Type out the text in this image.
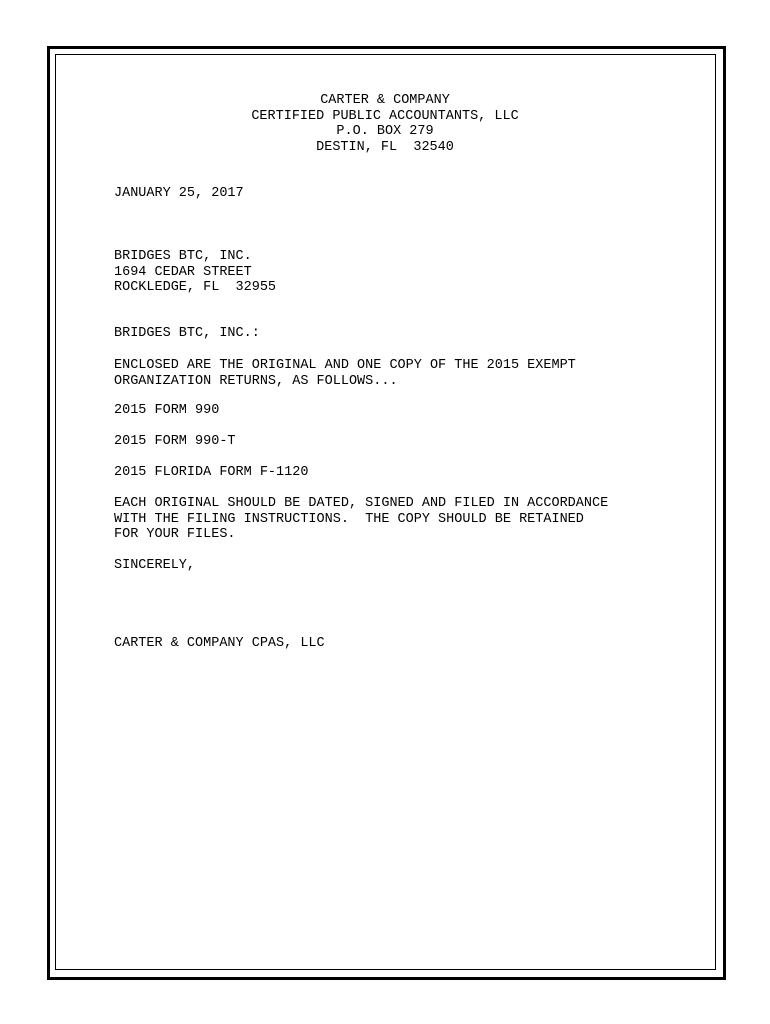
CARTER & COMPANY
CERTIFIED PUBLIC ACCOUNTANTS, LLC
P.O. BOX 279
DESTIN, FL  32540
JANUARY 25, 2017
BRIDGES BTC, INC.
1694 CEDAR STREET
ROCKLEDGE, FL  32955
BRIDGES BTC, INC.:
ENCLOSED ARE THE ORIGINAL AND ONE COPY OF THE 2015 EXEMPT
ORGANIZATION RETURNS, AS FOLLOWS...
2015 FORM 990
2015 FORM 990-T
2015 FLORIDA FORM F-1120
EACH ORIGINAL SHOULD BE DATED, SIGNED AND FILED IN ACCORDANCE
WITH THE FILING INSTRUCTIONS.  THE COPY SHOULD BE RETAINED
FOR YOUR FILES.
SINCERELY,
CARTER & COMPANY CPAS, LLC
